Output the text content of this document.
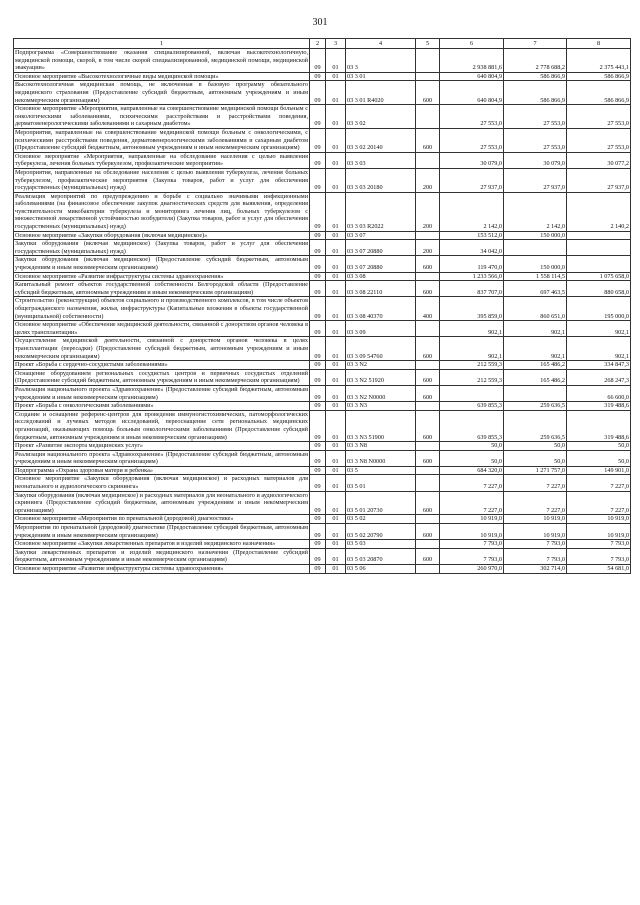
301
1	2	3	4	5	6	7	8
Подпрограмма «Совершенствование оказания специализированной, включая высокотехнологичную, медицинской помощи, скорой, в том числе скорой специализированной, медицинской помощи, медицинской эвакуации»	09	01	03 3		2 938 881,6	2 778 688,2	2 375 443,1
Основное мероприятие «Высокотехнологичные виды медицинской помощи»	09	01	03 3 01		640 804,9	586 866,9	586 866,9
Высокотехнологичная медицинская помощь, не включенная в базовую программу обязательного медицинского страхования (Предоставление субсидий бюджетным, автономным учреждениям и иным некоммерческим организациям)	09	01	03 3 01 R4020	600	640 804,9	586 866,9	586 866,9
Основное мероприятие «Мероприятия, направленные на совершенствование медицинской помощи больным с онкологическими заболеваниями, психическими расстройствами и расстройствами поведения, дерматовенерологическими заболеваниями и сахарным диабетом»	09	01	03 3 02		27 553,0	27 553,0	27 553,0
Мероприятия, направленные на совершенствование медицинской помощи больным с онкологическими, с психическими расстройствами поведения, дерматовенерологическими заболеваниями и сахарным диабетом (Предоставление субсидий бюджетным, автономным учреждениям и иным некоммерческим организациям)	09	01	03 3 02 20140	600	27 553,0	27 553,0	27 553,0
Основное мероприятие «Мероприятия, направленные на обследование населения с целью выявления туберкулеза, лечения больных туберкулезом, профилактические мероприятия»	09	01	03 3 03		30 079,0	30 079,0	30 077,2
Мероприятия, направленные на обследование населения с целью выявления туберкулеза, лечения больных туберкулезом, профилактические мероприятия (Закупка товаров, работ и услуг для обеспечения государственных (муниципальных) нужд)	09	01	03 3 03 20180	200	27 937,0	27 937,0	27 937,0
Реализация мероприятий по предупреждению и борьбе с социально значимыми инфекционными заболеваниями (на финансовое обеспечение закупок диагностических средств для выявления, определения чувствительности микобактерии туберкулеза и мониторинга лечения лиц, больных туберкулезом с множественной лекарственной устойчивостью возбудителя) (Закупка товаров, работ и услуг для обеспечения государственных (муниципальных) нужд)	09	01	03 3 03 R2022	200	2 142,0	2 142,0	2 140,2
Основное мероприятие «Закупки оборудования (включая медицинское)»	09	01	03 3 07		153 512,0	150 000,0	
Закупки оборудования (включая медицинское) (Закупка товаров, работ и услуг для обеспечения государственных (муниципальных) нужд)	09	01	03 3 07 20880	200	34 042,0		
Закупки оборудования (включая медицинское) (Предоставление субсидий бюджетным, автономным учреждениям и иным некоммерческим организациям)	09	01	03 3 07 20880	600	119 470,0	150 000,0	
Основное мероприятие «Развитие инфраструктуры системы здравоохранения»	09	01	03 3 08		1 233 566,0	1 558 114,5	1 075 658,0
Капитальный ремонт объектов государственной собственности Белгородской области (Предоставление субсидий бюджетным, автономным учреждениям и иным некоммерческим организациям)	09	01	03 3 08 22110	600	837 707,0	697 463,5	880 658,0
Строительство (реконструкция) объектов социального и производственного комплексов, в том числе объектов общегражданского назначения, жилья, инфраструктуры (Капитальные вложения в объекты государственной (муниципальной) собственности)	09	01	03 3 08 40370	400	395 859,0	860 651,0	195 000,0
Основное мероприятие «Обеспечение медицинской деятельности, связанной с донорством органов человека в целях трансплантации»	09	01	03 3 09		902,1	902,1	902,1
Осуществление медицинской деятельности, связанной с донорством органов человека в целях трансплантации (пересадки) (Предоставление субсидий бюджетным, автономным учреждениям и иным некоммерческим организациям)	09	01	03 3 09 54760	600	902,1	902,1	902,1
Проект «Борьба с сердечно-сосудистыми заболеваниями»	09	01	03 3 N2		212 559,3	165 486,2	334 847,3
Оснащение оборудованием региональных сосудистых центров и первичных сосудистых отделений (Предоставление субсидий бюджетным, автономным учреждениям и иным некоммерческим организациям)	09	01	03 3 N2 51920	600	212 559,3	165 486,2	268 247,3
Реализация национального проекта «Здравоохранение» (Предоставление субсидий бюджетным, автономным учреждениям и иным некоммерческим организациям)	09	01	03 3 N2 N0000	600			66 600,0
Проект «Борьба с онкологическими заболеваниями»	09	01	03 3 N3		639 855,3	259 636,5	319 488,6
Создание и оснащение референс-центров для проведения иммуногистохимических, патоморфологических исследований и лучевых методов исследований, переоснащение сети региональных медицинских организаций, оказывающих помощь больным онкологическими заболеваниями (Предоставление субсидий бюджетным, автономным учреждениям и иным некоммерческим организациям)	09	01	03 3 N3 51900	600	639 855,3	259 636,5	319 488,6
Проект «Развитие экспорта медицинских услуг»	09	01	03 3 N8		50,0	50,0	50,0
Реализация национального проекта «Здравоохранение» (Предоставление субсидий бюджетным, автономным учреждениям и иным некоммерческим организациям)	09	01	03 3 N8 N0000	600	50,0	50,0	50,0
Подпрограмма «Охрана здоровья матери и ребенка»	09	01	03 5		684 320,0	1 271 757,0	149 901,0
Основное мероприятие «Закупки оборудования (включая медицинское) и расходных материалов для неонатального и аудиологического скрининга»	09	01	03 5 01		7 227,0	7 227,0	7 227,0
Закупки оборудования (включая медицинское) и расходных материалов для неонатального и аудиологического скрининга (Предоставление субсидий бюджетным, автономным учреждениям и иным некоммерческим организациям)	09	01	03 5 01 20730	600	7 227,0	7 227,0	7 227,0
Основное мероприятие «Мероприятия по пренатальной (дородовой) диагностике»	09	01	03 5 02		10 919,0	10 919,0	10 919,0
Мероприятия по пренатальной (дородовой) диагностике (Предоставление субсидий бюджетным, автономным учреждениям и иным некоммерческим организациям)	09	01	03 5 02 20790	600	10 919,0	10 919,0	10 919,0
Основное мероприятие «Закупки лекарственных препаратов и изделий медицинского назначения»	09	01	03 5 03		7 793,0	7 793,0	7 793,0
Закупки лекарственных препаратов и изделий медицинского назначения (Предоставление субсидий бюджетным, автономным учреждениям и иным некоммерческим организациям)	09	01	03 5 03 20870	600	7 793,0	7 793,0	7 793,0
Основное мероприятие «Развитие инфраструктуры системы здравоохранения»	09	01	03 5 06		260 970,0	302 714,0	54 681,0
